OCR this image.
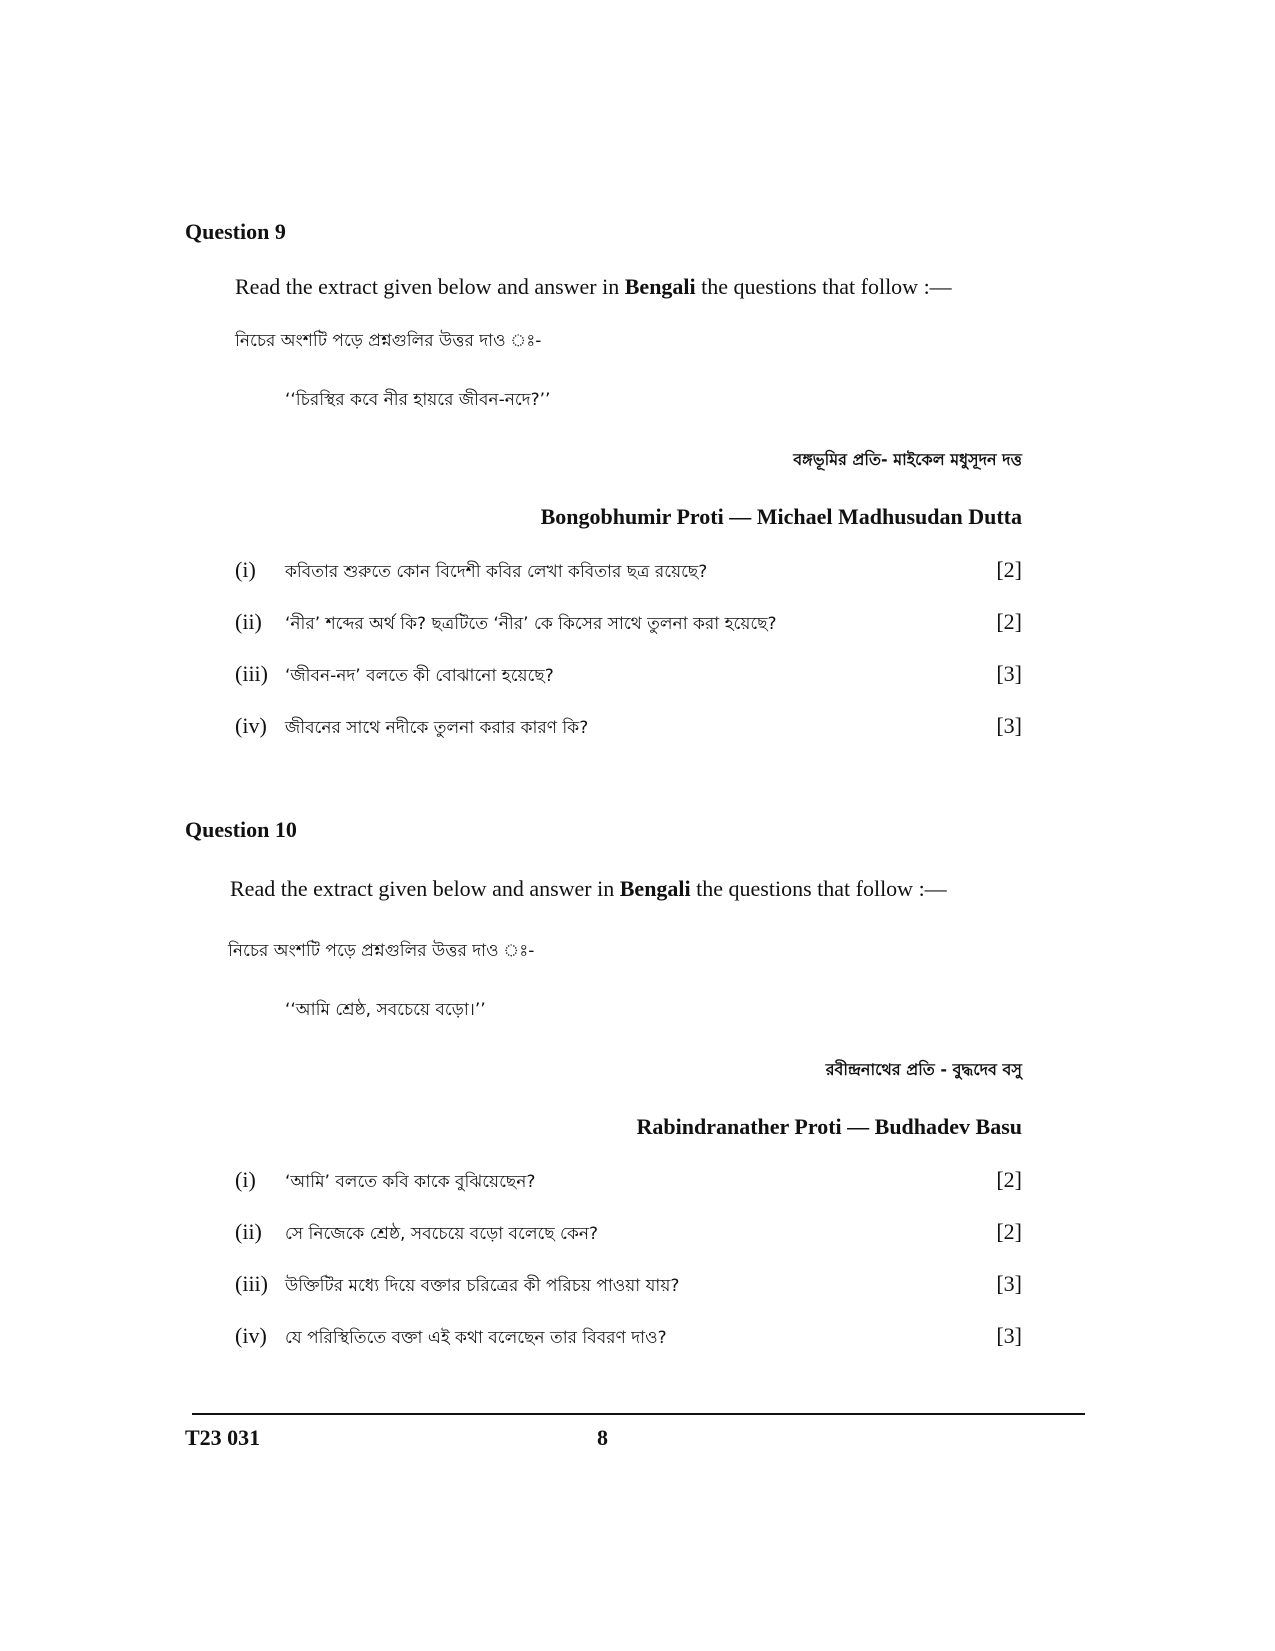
Question 9
Read the extract given below and answer in Bengali the questions that follow :—
নিচের অংশটি পড়ে প্রশ্নগুলির উত্তর দাও ঃ-
‘‘চিরস্থির কবে নীর হায়রে জীবন-নদে?’’
বঙ্গভূমির প্রতি- মাইকেল মধুসূদন দত্ত
Bongobhumir Proti — Michael Madhusudan Dutta
(i) কবিতার শুরুতে কোন বিদেশী কবির লেখা কবিতার ছত্র রয়েছে?	[2]
(ii) ‘নীর’ শব্দের অর্থ কি? ছত্রটিতে ‘নীর’ কে কিসের সাথে তুলনা করা হয়েছে?	[2]
(iii) ‘জীবন-নদ’ বলতে কী বোঝানো হয়েছে?	[3]
(iv) জীবনের সাথে নদীকে তুলনা করার কারণ কি?	[3]
Question 10
Read the extract given below and answer in Bengali the questions that follow :—
নিচের অংশটি পড়ে প্রশ্নগুলির উত্তর দাও ঃ-
‘‘আমি শ্রেষ্ঠ, সবচেয়ে বড়ো।’’
রবীন্দ্রনাথের প্রতি - বুদ্ধদেব বসু
Rabindranather Proti — Budhadev Basu
(i) ‘আমি’ বলতে কবি কাকে বুঝিয়েছেন?	[2]
(ii) সে নিজেকে শ্রেষ্ঠ, সবচেয়ে বড়ো বলেছে কেন?	[2]
(iii) উক্তিটির মধ্যে দিয়ে বক্তার চরিত্রের কী পরিচয় পাওয়া যায়?	[3]
(iv) যে পরিস্থিতিতে বক্তা এই কথা বলেছেন তার বিবরণ দাও?	[3]
T23 031	8
